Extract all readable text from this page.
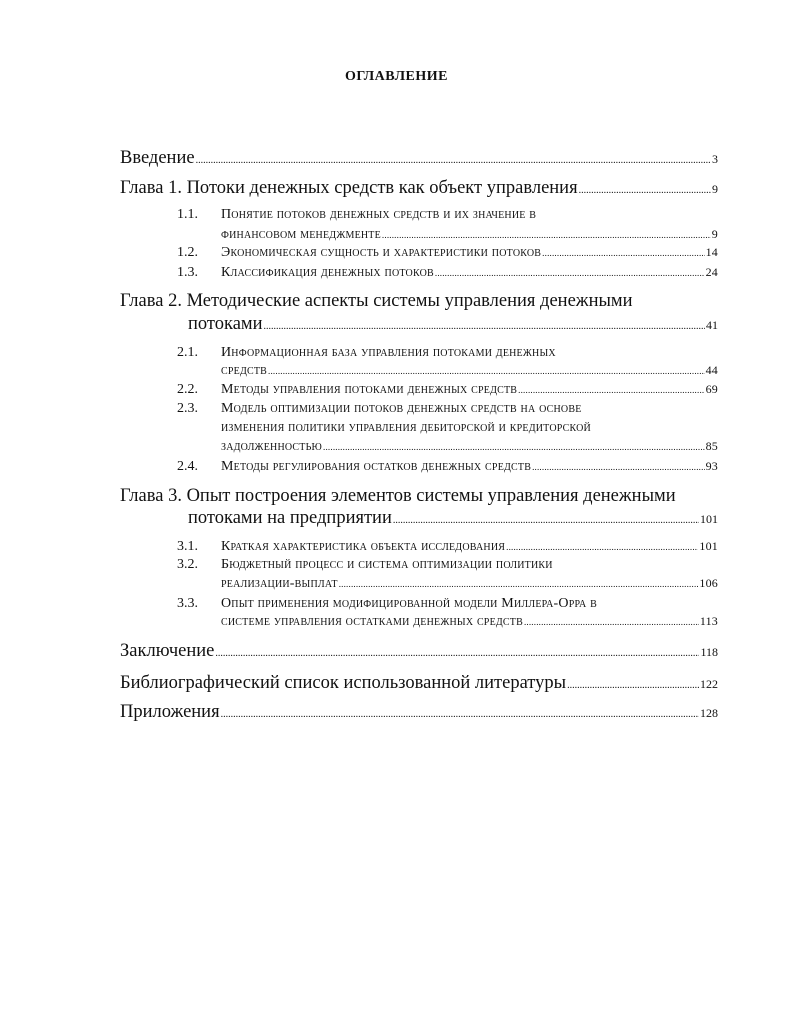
ОГЛАВЛЕНИЕ
Введение .....	3
Глава 1. Потоки денежных средств как объект управления .....	9
1.1. Понятие потоков денежных средств и их значение в
финансовом менеджменте .....	9
1.2. Экономическая сущность и характеристики потоков .....	14
1.3. Классификация денежных потоков .....	24
Глава 2. Методические аспекты системы управления денежными
потоками .....	41
2.1. Информационная база управления потоками денежных
средств .....	44
2.2. Методы управления потоками денежных средств .....	69
2.3. Модель оптимизации потоков денежных средств на основе
изменения политики управления дебиторской и кредиторской
задолженностью .....	85
2.4. Методы регулирования остатков денежных средств .....	93
Глава 3. Опыт построения элементов системы управления денежными
потоками на предприятии .....	101
3.1. Краткая характеристика объекта исследования .....	101
3.2. Бюджетный процесс и система оптимизации политики
реализации-выплат .....	106
3.3. Опыт применения модифицированной модели Миллера-Орра в
системе управления остатками денежных средств .....	113
Заключение .....	118
Библиографический список использованной литературы .....	122
Приложения .....	128
